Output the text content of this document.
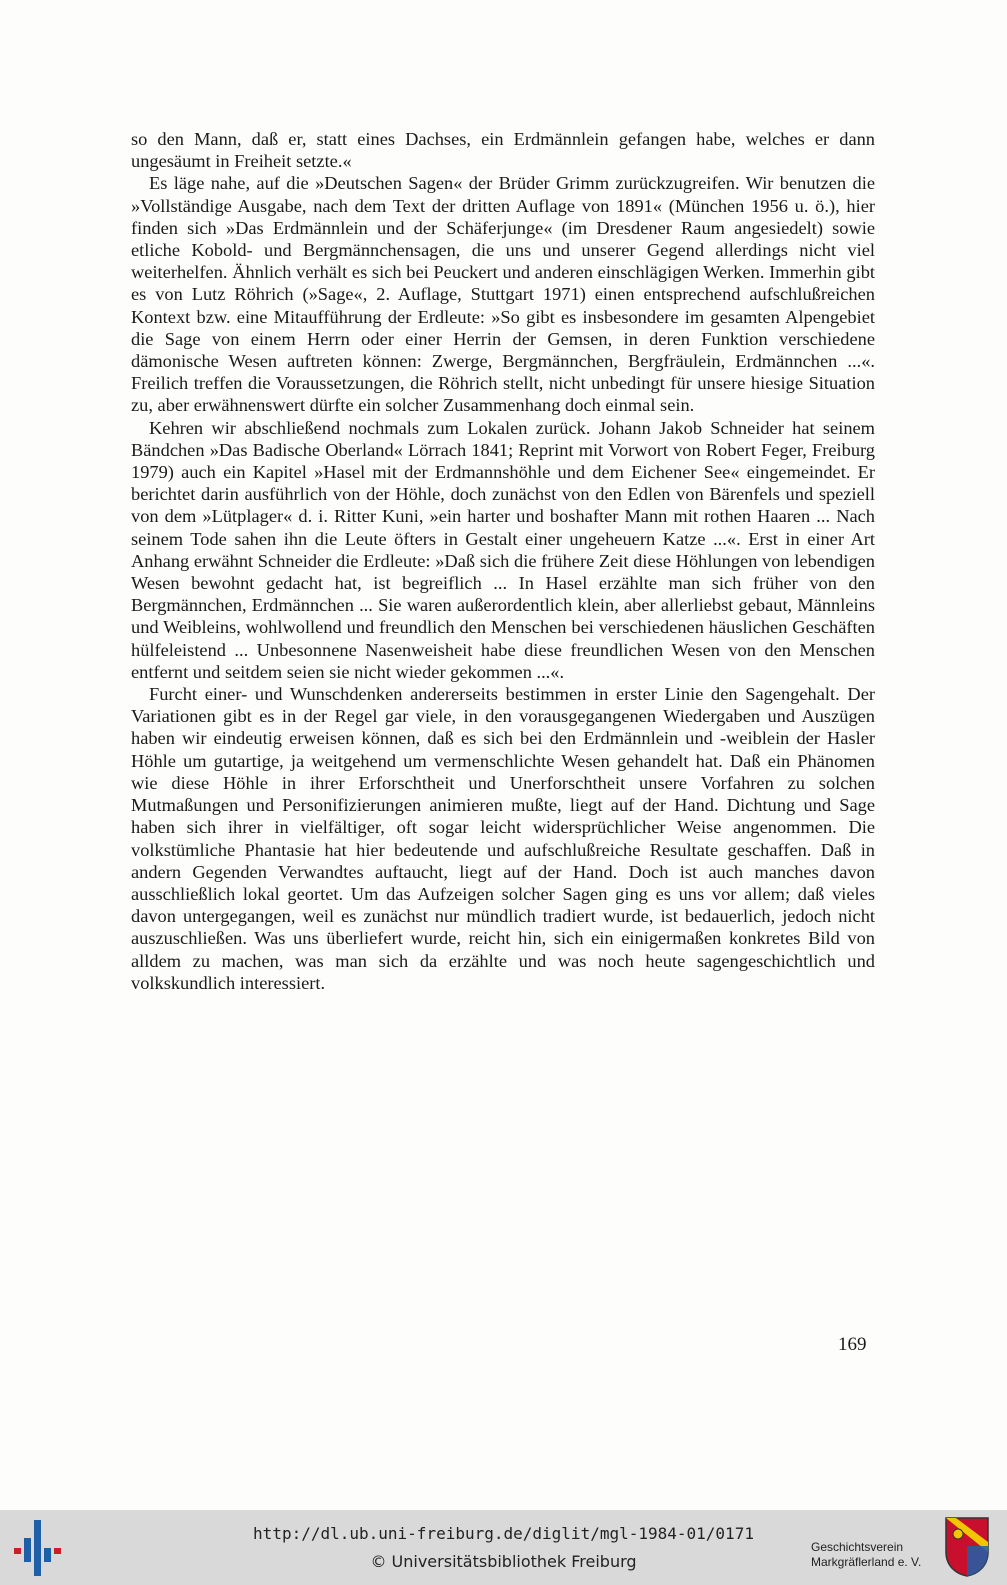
so den Mann, daß er, statt eines Dachses, ein Erdmännlein gefangen habe, welches er dann ungesäumt in Freiheit setzte.«

Es läge nahe, auf die »Deutschen Sagen« der Brüder Grimm zurückzugreifen. Wir benutzen die »Vollständige Ausgabe, nach dem Text der dritten Auflage von 1891« (München 1956 u. ö.), hier finden sich »Das Erdmännlein und der Schäferjunge« (im Dresdener Raum angesiedelt) sowie etliche Kobold- und Bergmännchensagen, die uns und unserer Gegend allerdings nicht viel weiterhelfen. Ähnlich verhält es sich bei Peuckert und anderen einschlägigen Werken. Immerhin gibt es von Lutz Röhrich (»Sage«, 2. Auflage, Stuttgart 1971) einen entsprechend aufschlußreichen Kontext bzw. eine Mitaufführung der Erdleute: »So gibt es insbesondere im gesamten Alpengebiet die Sage von einem Herrn oder einer Herrin der Gemsen, in deren Funktion verschiedene dämonische Wesen auftreten können: Zwerge, Bergmännchen, Bergfräulein, Erdmännchen ...«. Freilich treffen die Voraussetzungen, die Röhrich stellt, nicht unbedingt für unsere hiesige Situation zu, aber erwähnenswert dürfte ein solcher Zusammenhang doch einmal sein.

Kehren wir abschließend nochmals zum Lokalen zurück. Johann Jakob Schneider hat seinem Bändchen »Das Badische Oberland« Lörrach 1841; Reprint mit Vorwort von Robert Feger, Freiburg 1979) auch ein Kapitel »Hasel mit der Erdmannshöhle und dem Eichener See« eingemeindet. Er berichtet darin ausführlich von der Höhle, doch zunächst von den Edlen von Bärenfels und speziell von dem »Lütplager« d. i. Ritter Kuni, »ein harter und boshafter Mann mit rothen Haaren ... Nach seinem Tode sahen ihn die Leute öfters in Gestalt einer ungeheuern Katze ...«. Erst in einer Art Anhang erwähnt Schneider die Erdleute: »Daß sich die frühere Zeit diese Höhlungen von lebendigen Wesen bewohnt gedacht hat, ist begreiflich ... In Hasel erzählte man sich früher von den Bergmännchen, Erdmännchen ... Sie waren außerordentlich klein, aber allerliebst gebaut, Männleins und Weibleins, wohlwollend und freundlich den Menschen bei verschiedenen häuslichen Geschäften hülfeleistend ... Unbesonnene Nasenweisheit habe diese freundlichen Wesen von den Menschen entfernt und seitdem seien sie nicht wieder gekommen ...«.

Furcht einer- und Wunschdenken andererseits bestimmen in erster Linie den Sagengehalt. Der Variationen gibt es in der Regel gar viele, in den vorausgegangenen Wiedergaben und Auszügen haben wir eindeutig erweisen können, daß es sich bei den Erdmännlein und -weiblein der Hasler Höhle um gutartige, ja weitgehend um vermenschlichte Wesen gehandelt hat. Daß ein Phänomen wie diese Höhle in ihrer Erforschtheit und Unerforschtheit unsere Vorfahren zu solchen Mutmaßungen und Personifizierungen animieren mußte, liegt auf der Hand. Dichtung und Sage haben sich ihrer in vielfältiger, oft sogar leicht widersprüchlicher Weise angenommen. Die volkstümliche Phantasie hat hier bedeutende und aufschlußreiche Resultate geschaffen. Daß in andern Gegenden Verwandtes auftaucht, liegt auf der Hand. Doch ist auch manches davon ausschließlich lokal geortet. Um das Aufzeigen solcher Sagen ging es uns vor allem; daß vieles davon untergegangen, weil es zunächst nur mündlich tradiert wurde, ist bedauerlich, jedoch nicht auszuschließen. Was uns überliefert wurde, reicht hin, sich ein einigermaßen konkretes Bild von alldem zu machen, was man sich da erzählte und was noch heute sagengeschichtlich und volkskundlich interessiert.

169
http://dl.ub.uni-freiburg.de/diglit/mgl-1984-01/0171
© Universitätsbibliothek Freiburg
Geschichtsverein
Markgräflerland e. V.
